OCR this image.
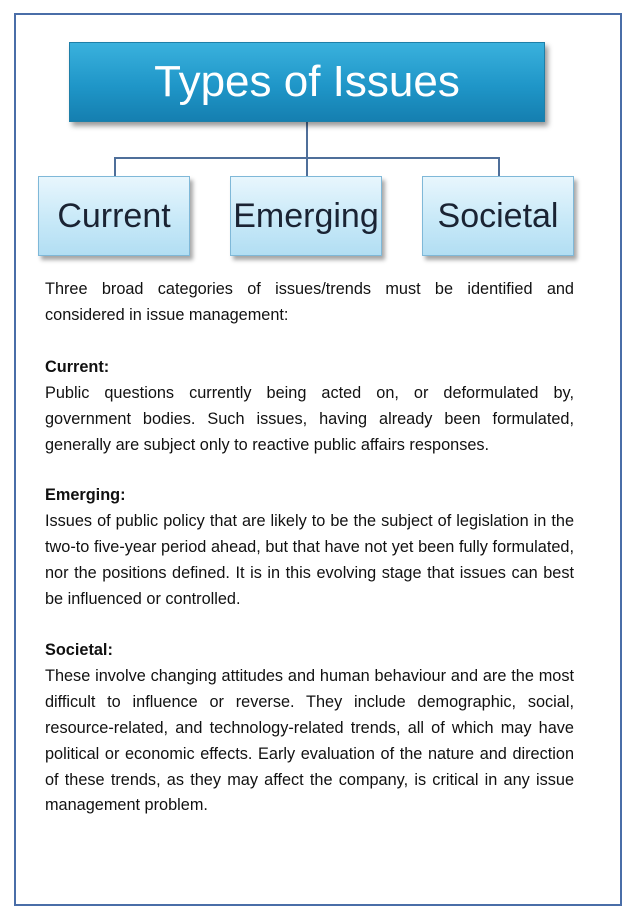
Types of Issues
Current Emerging Societal

Three broad categories of issues/trends must be identified and considered in issue management:

Current:

Public questions currently being acted on, or deformulated by, government bodies. Such issues, having already been formulated, generally are subject only to reactive public affairs responses.

Emerging:

Issues of public policy that are likely to be the subject of legislation in the two-to five-year period ahead, but that have not yet been fully formulated, nor the positions defined. It is in this evolving stage that issues can best be influenced or controlled.

Societal:

These involve changing attitudes and human behaviour and are the most difficult to influence or reverse. They include demographic, social, resource-related, and technology-related trends, all of which may have political or economic effects. Early evaluation of the nature and direction of these trends, as they may affect the company, is critical in any issue management problem.
